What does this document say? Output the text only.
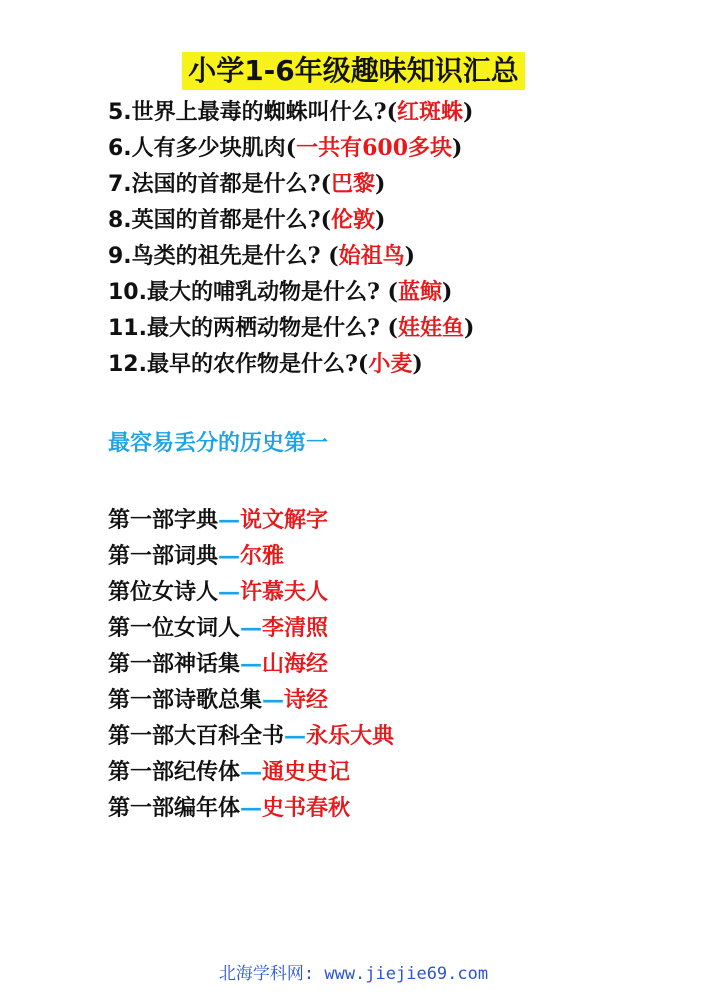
小学1-6年级趣味知识汇总
5.世界上最毒的蜘蛛叫什么?(红斑蛛)
6.人有多少块肌肉(一共有600多块)
7.法国的首都是什么?(巴黎)
8.英国的首都是什么?(伦敦)
9.鸟类的祖先是什么? (始祖鸟)
10.最大的哺乳动物是什么? (蓝鲸)
11.最大的两栖动物是什么? (娃娃鱼)
12.最早的农作物是什么?(小麦)
最容易丢分的历史第一
第一部字典—说文解字
第一部词典—尔雅
第位女诗人—许慕夫人
第一位女词人—李清照
第一部神话集—山海经
第一部诗歌总集—诗经
第一部大百科全书—永乐大典
第一部纪传体—通史史记
第一部编年体—史书春秋
北海学科网: www.jiejie69.com
